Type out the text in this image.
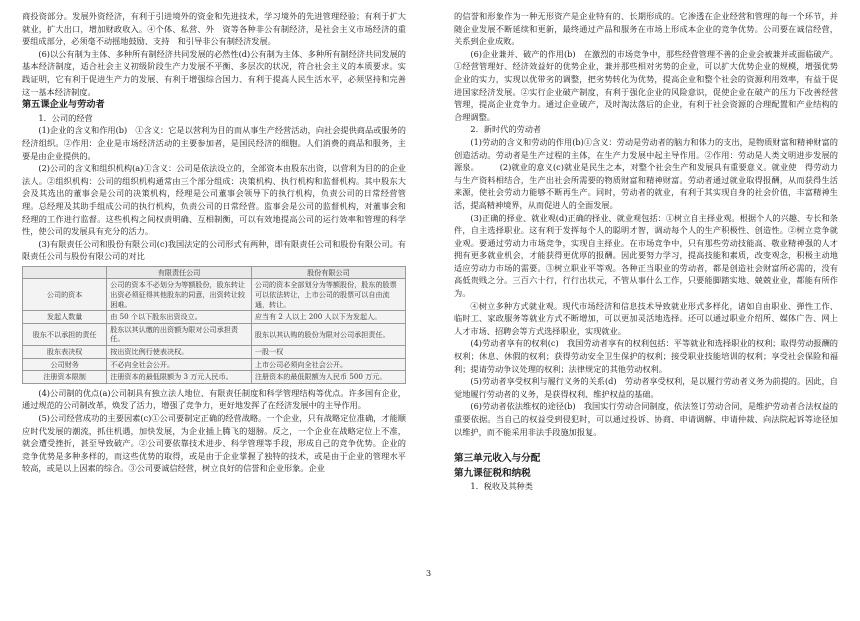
商投资部分。发展外资经济，有利于引进境外的资金和先进技术，学习境外的先进管理经验；有利于扩大就业，扩大出口，增加财政收入。④个体、私营、外　资等各种非公有制经济，是社会主义市场经济的重要组成部分，必须毫不动摇地鼓励、支持　和引导非公有制经济发展。

(6)以公有制为主体、多种所有制经济共同发展的必然性(d)公有制为主体、多种所有制经济共同发展的基本经济制度，适合社会主义初级阶段生产力发展不平衡、多层次的状况，符合社会主义的本质要求。实践证明，它有利于促进生产力的发展、有利于增强综合国力、有利于提高人民生活水平，必须坚持和完善这一基本经济制度。

第五课企业与劳动者

1．公司的经营

(1)企业的含义和作用(b)　①含义：它是以营利为目的而从事生产经营活动，向社会提供商品或服务的经济组织。②作用：企业是市场经济活动的主要参加者，是国民经济的细胞。人们消费的商品和服务，主要是由企业提供的。

(2)公司的含义和组织机构(a)①含义：公司是依法设立的，全部资本由股东出资，以营利为目的的企业法人。②组织机构：公司的组织机构通常由三个部分组成：决策机构、执行机构和监督机构。其中股东大会及其选出的董事会是公司的决策机构，经理是公司董事会领导下的执行机构，负责公司的日常经营管理。总经理及其助手组成公司的执行机构，负责公司的日常经营。监事会是公司的监督机构，对董事会和经理的工作进行监督。这些机构之间权责明确、互相制衡，可以有效地提高公司的运行效率和管理的科学性，使公司的发展具有充分的活力。

(3)有限责任公司和股份有限公司(c)我国法定的公司形式有两种，即有限责任公司和股份有限公司。有限责任公司与股份有限公司的对比

	有限责任公司	股份有限公司
公司的资本	公司的资本不必划分为等额股份，股东转让出资必须征得其他股东的同意，出资转让较困难。	公司的资本全部划分为等额股份，股东的股票可以依法转让，上市公司的股票可以自由流通，转让。
发起人数量	由 50 个以下股东出资设立。	应当有 2 人以上 200 人以下为发起人。
股东不以承担的责任	股东以其认缴的出资额为限对公司承担责任。	股东以其认购的股份为限对公司承担责任。
股东表决权	按出资比例行使表决权。	一股一权
公司财务	不必向全社会公开。	上市公司必须向全社会公开。
注册资本限制	注册资本的最低限额为 3 万元人民币。	注册资本的最低限额为人民币 500 万元。

(4)公司制的优点(a)公司制具有独立法人地位、有限责任制度和科学管理结构等优点。许多国有企业，通过规范的公司制改革，焕发了活力，增强了竞争力，更好地发挥了在经济发展中的主导作用。

(5)公司经营成功的主要因素(c)①公司要制定正确的经营战略。一个企业，只有战略定位准确，才能顺应时代发展的潮流，抓住机遇，加快发展，为企业插上腾飞的翅膀。反之，一个企业在战略定位上不准，就会遭受挫折，甚至导致破产。②公司要依靠技术进步、科学管理等手段，形成自己的竞争优势。企业的竞争优势是多种多样的，而这些优势的取得，或是由于企业掌握了独特的技术，或是由于企业的管理水平较高，或是以上因素的综合。③公司要诚信经营，树立良好的信誉和企业形象。企业

的信誉和形象作为一种无形资产是企业特有的、长期形成的。它渗透在企业经营和管理的每一个环节，并随企业发展不断延续和更新，最终通过产品和服务在市场上形成本企业的竞争优势。公司要在诚信经营，关系到企业成败。

(6)企业兼并、破产的作用(b)　在激烈的市场竞争中，那些经营管理不善的企业会被兼并或面临破产。①经营管理好、经济效益好的优势企业，兼并那些相对劣势的企业，可以扩大优势企业的规模，增强优势企业的实力，实现以优带劣的调整，把劣势转化为优势，提高企业和整个社会的资源利用效率，有益于促进国家经济发展。②实行企业破产制度，有利于强化企业的风险意识，促使企业在破产的压力下改善经营管理，提高企业竞争力。通过企业破产，及时淘汰落后的企业，有利于社会资源的合理配置和产业结构的合理调整。

2．新时代的劳动者

(1)劳动的含义和劳动的作用(b)①含义：劳动是劳动者的脑力和体力的支出，是物质财富和精神财富的创造活动。劳动者是生产过程的主体，在生产力发展中起主导作用。②作用：劳动是人类文明进步发展的源泉。　　　(2)就业的意义(c)就业是民生之本，对整个社会生产和发展具有重要意义。就业使　得劳动力与生产资料相结合，生产出社会所需要的物质财富和精神财富。劳动者通过就业取得报酬，从而获得生活来源，使社会劳动力能够不断再生产。同时，劳动者的就业，有利于其实现自身的社会价值，丰富精神生活，提高精神境界，从而促进人的全面发展。

(3)正确的择业、就业观(d)正确的择业、就业观包括：①树立自主择业观。根据个人的兴趣、专长和条件，自主选择职业。这有利于发挥每个人的聪明才智，调动每个人的生产积极性、创造性。②树立竞争就业观。要通过劳动力市场竞争，实现自主择业。在市场竞争中，只有那些劳动技能高、敬业精神强的人才拥有更多就业机会，才能获得更优厚的报酬。因此要努力学习，提高技能和素质，改变观念，积极主动地适应劳动力市场的需要。③树立职业平等观。各种正当职业的劳动者，都是创造社会财富所必需的，没有高低贵贱之分。三百六十行，行行出状元，不管从事什么工作，只要能脚踏实地、兢兢业业，都能有所作为。

④树立多种方式就业观。现代市场经济和信息技术导致就业形式多样化，诸如自由职业、弹性工作、临时工、家政服务等就业方式不断增加，可以更加灵活地选择。还可以通过职业介绍所、媒体广告、网上人才市场、招聘会等方式选择职业，实现就业。

(4)劳动者享有的权利(c)　我国劳动者享有的权利包括：平等就业和选择职业的权利；取得劳动报酬的权利；休息、休假的权利；获得劳动安全卫生保护的权利；接受职业技能培训的权利；享受社会保险和福利；提请劳动争议处理的权利；法律规定的其他劳动权利。

(5)劳动者享受权利与履行义务的关系(d)　劳动者享受权利，是以履行劳动者义务为前提的。因此，自觉地履行劳动者的义务，是获得权利、维护权益的基础。

(6)劳动者依法维权的途径(b)　我国实行劳动合同制度，依法签订劳动合同，是维护劳动者合法权益的重要依据。当自己的权益受到侵犯时，可以通过投诉、协商、申请调解、申请仲裁、向法院起诉等途径加以维护，而不能采用非法手段施加报复。

第三单元收入与分配

第九课征税和纳税

1．税收及其种类

3
